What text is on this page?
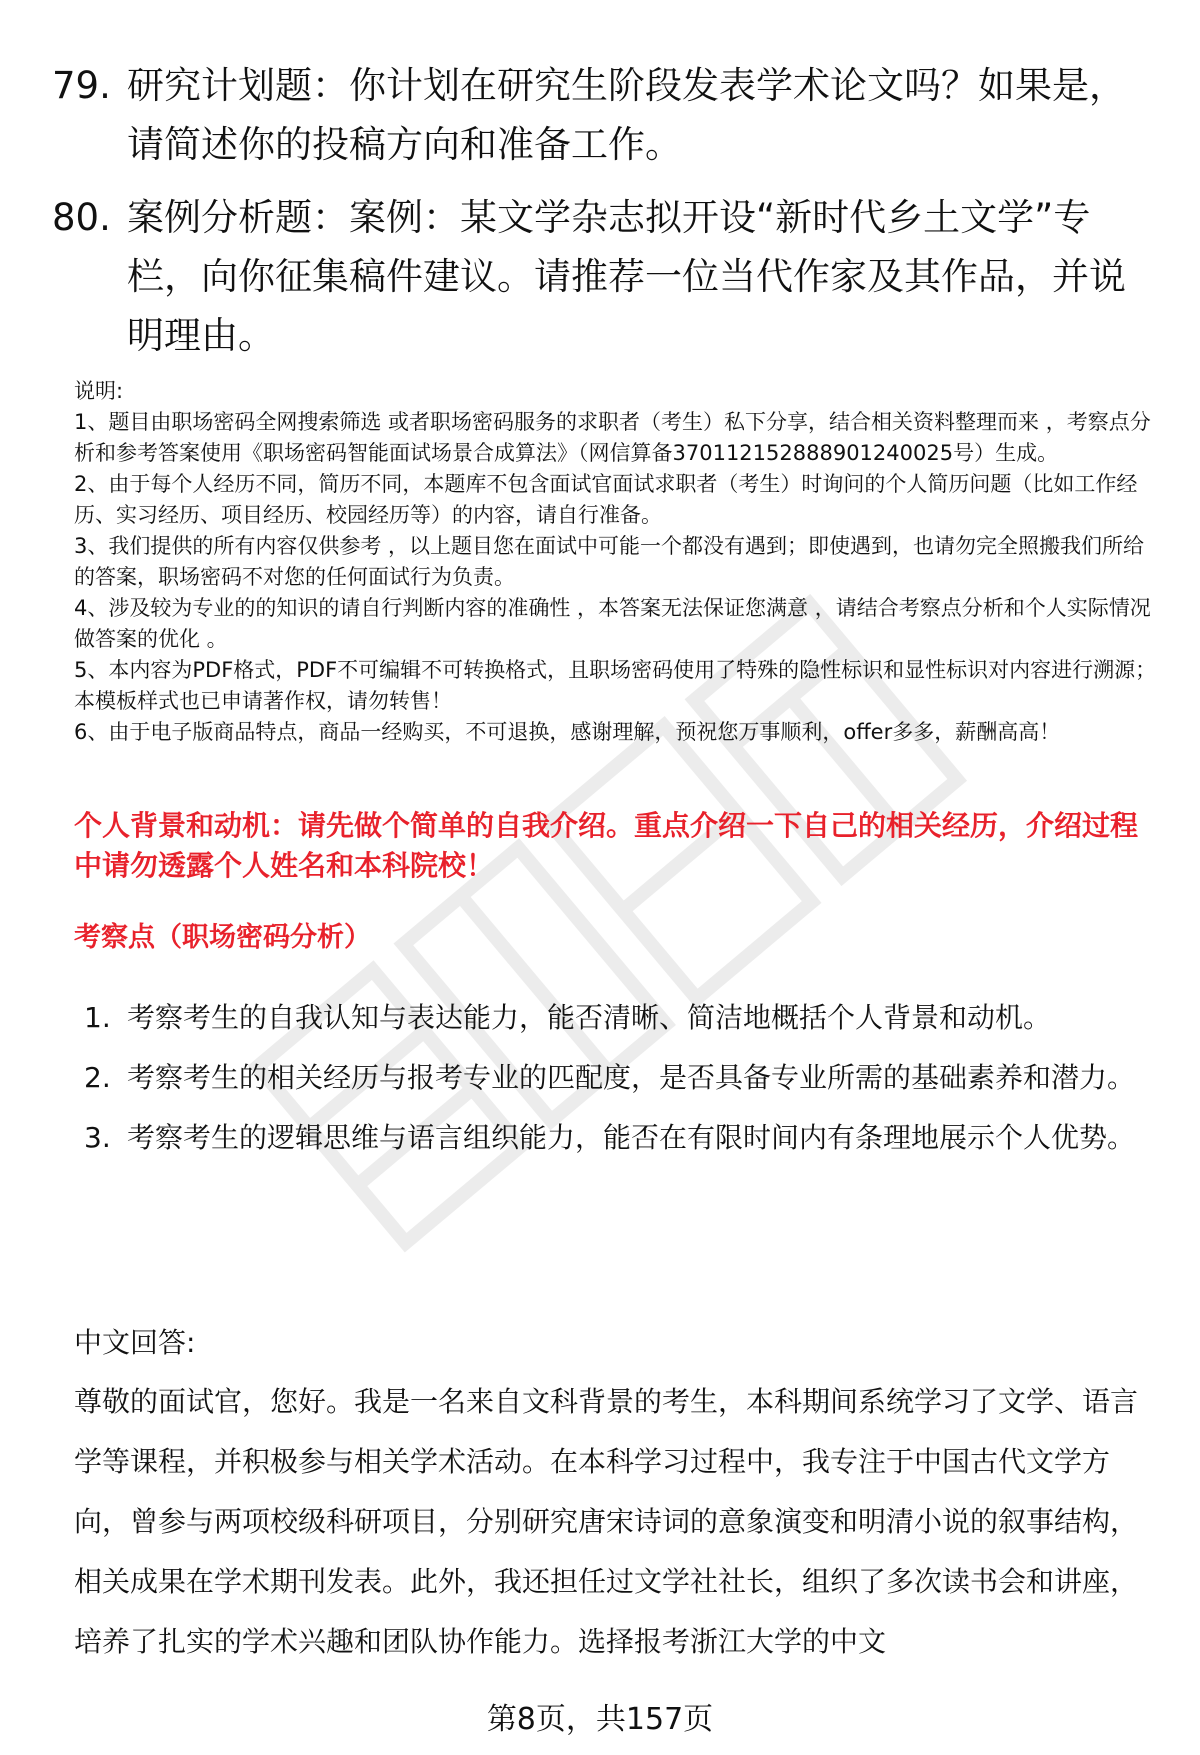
79. 研究计划题：你计划在研究生阶段发表学术论文吗？如果是，请简述你的投稿方向和准备工作。
80. 案例分析题：案例：某文学杂志拟开设“新时代乡土文学”专栏，向你征集稿件建议。请推荐一位当代作家及其作品，并说明理由。

说明:

1、题目由职场密码全网搜索筛选 或者职场密码服务的求职者（考生）私下分享，结合相关资料整理而来 ，考察点分析和参考答案使用《职场密码智能面试场景合成算法》（网信算备370112152888901240025号）生成。

2、由于每个人经历不同，简历不同，本题库不包含面试官面试求职者（考生）时询问的个人简历问题（比如工作经历、实习经历、项目经历、校园经历等）的内容，请自行准备。

3、我们提供的所有内容仅供参考 ，以上题目您在面试中可能一个都没有遇到；即使遇到，也请勿完全照搬我们所给的答案，职场密码不对您的任何面试行为负责。

4、涉及较为专业的的知识的请自行判断内容的准确性 ，本答案无法保证您满意 ，请结合考察点分析和个人实际情况做答案的优化 。

5、本内容为PDF格式，PDF不可编辑不可转换格式，且职场密码使用了特殊的隐性标识和显性标识对内容进行溯源；本模板样式也已申请著作权，请勿转售！

6、由于电子版商品特点，商品一经购买，不可退换，感谢理解，预祝您万事顺利，offer多多，薪酬高高！

个人背景和动机：请先做个简单的自我介绍。重点介绍一下自己的相关经历，介绍过程中请勿透露个人姓名和本科院校！
考察点（职场密码分析）
1. 考察考生的自我认知与表达能力，能否清晰、简洁地概括个人背景和动机。
2. 考察考生的相关经历与报考专业的匹配度，是否具备专业所需的基础素养和潜力。
3. 考察考生的逻辑思维与语言组织能力，能否在有限时间内有条理地展示个人优势。
中文回答:
尊敬的面试官，您好。我是一名来自文科背景的考生，本科期间系统学习了文学、语言学等课程，并积极参与相关学术活动。在本科学习过程中，我专注于中国古代文学方向，曾参与两项校级科研项目，分别研究唐宋诗词的意象演变和明清小说的叙事结构，相关成果在学术期刊发表。此外，我还担任过文学社社长，组织了多次读书会和讲座，培养了扎实的学术兴趣和团队协作能力。选择报考浙江大学的中文
第8页，共157页
